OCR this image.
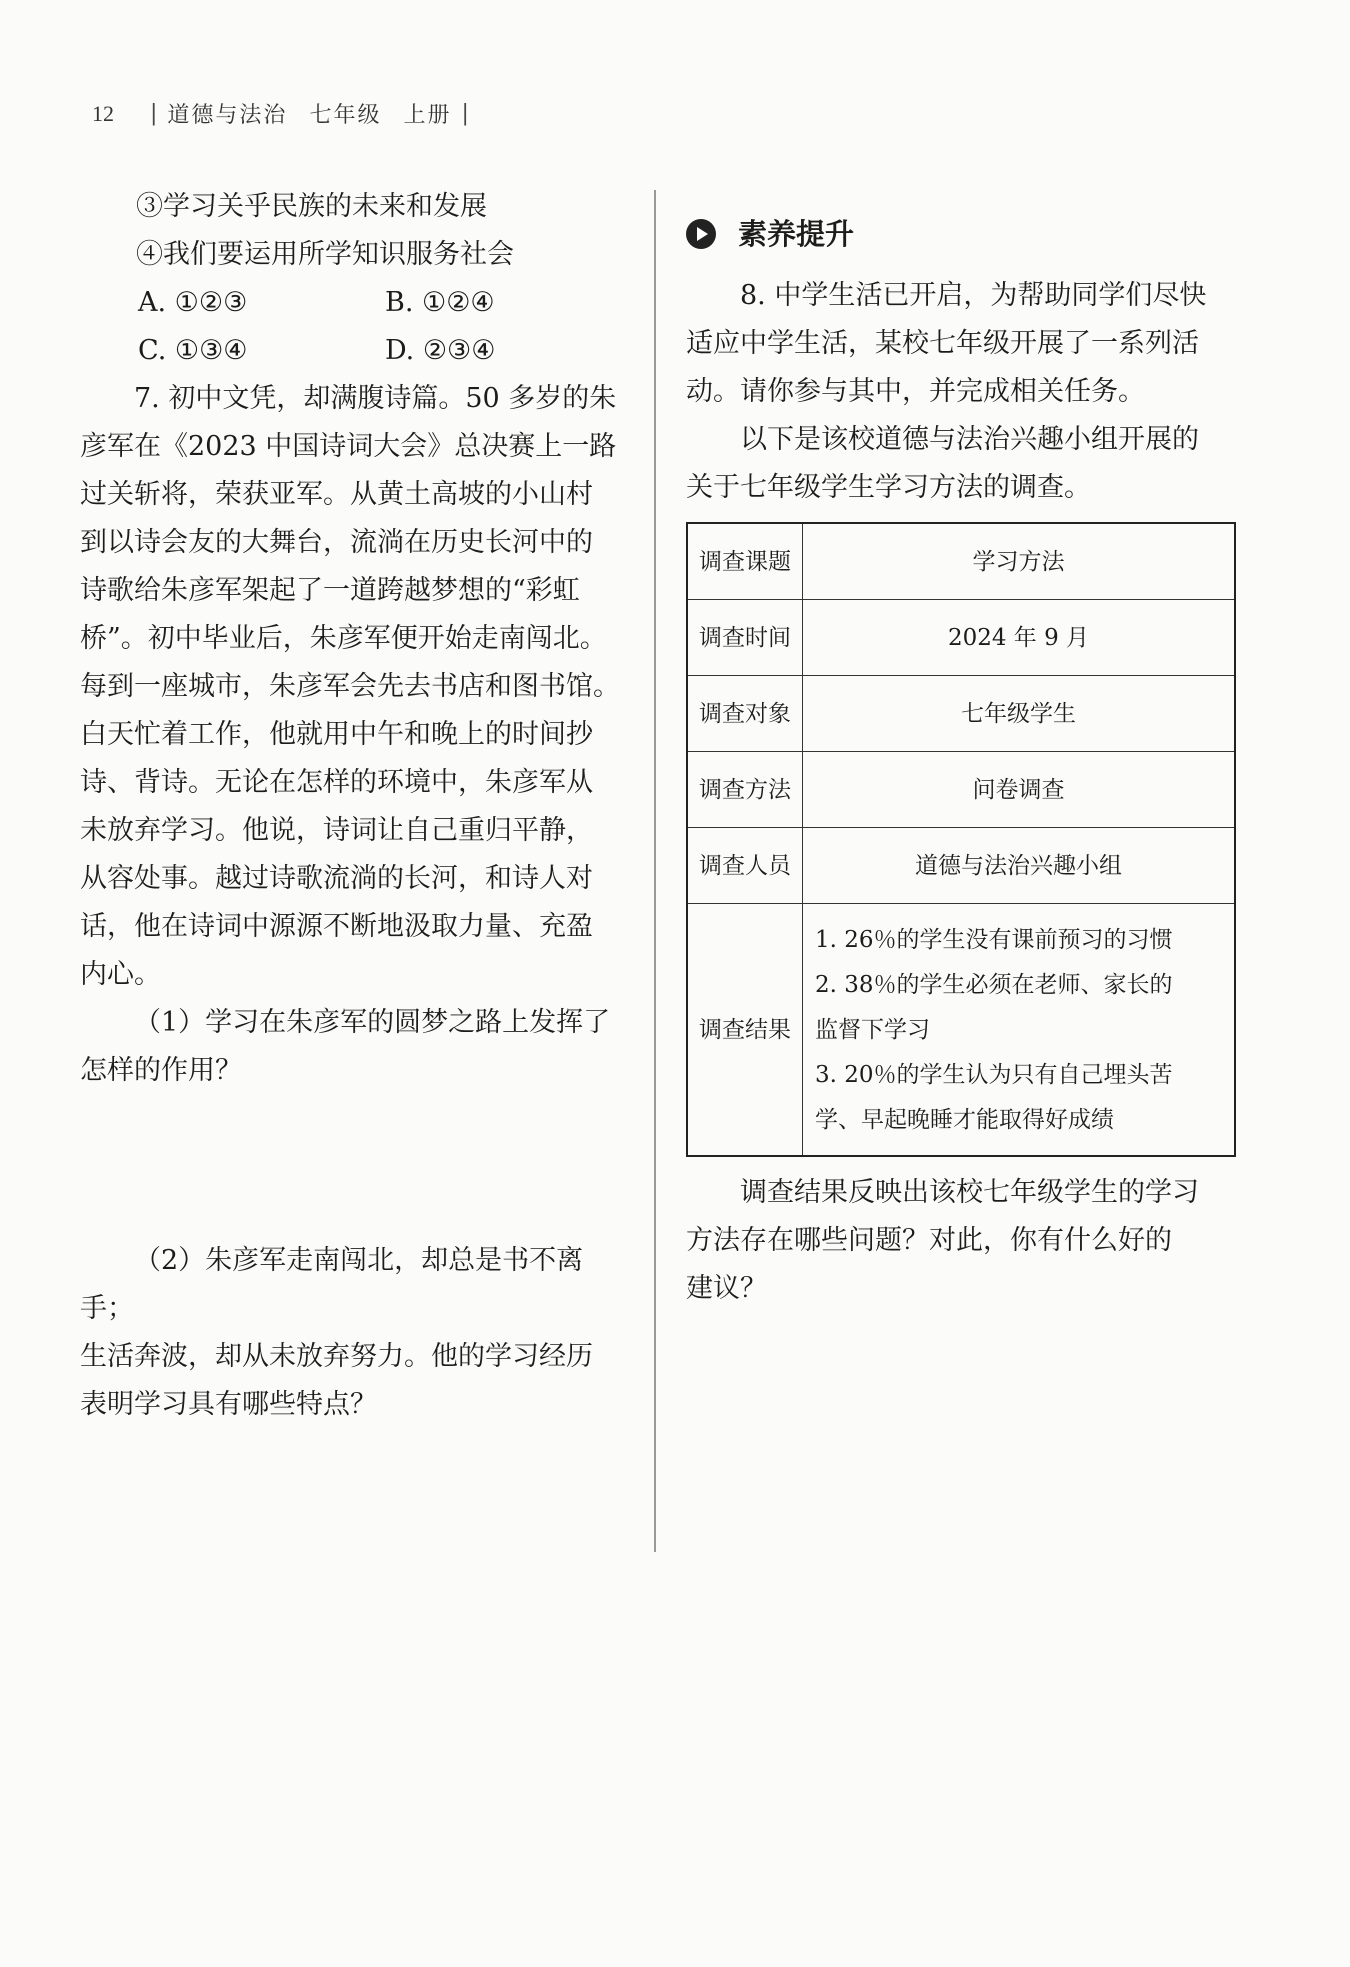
12 | 道德与法治 七年级 上册 |

③学习关乎民族的未来和发展

④我们要运用所学知识服务社会

A. ①②③	B. ①②④
C. ①③④	D. ②③④

7. 初中文凭，却满腹诗篇。50 多岁的朱

彦军在《2023 中国诗词大会》总决赛上一路

过关斩将，荣获亚军。从黄土高坡的小山村

到以诗会友的大舞台，流淌在历史长河中的

诗歌给朱彦军架起了一道跨越梦想的“彩虹

桥”。初中毕业后，朱彦军便开始走南闯北。

每到一座城市，朱彦军会先去书店和图书馆。

白天忙着工作，他就用中午和晚上的时间抄

诗、背诗。无论在怎样的环境中，朱彦军从

未放弃学习。他说，诗词让自己重归平静，

从容处事。越过诗歌流淌的长河，和诗人对

话，他在诗词中源源不断地汲取力量、充盈

内心。

（1）学习在朱彦军的圆梦之路上发挥了

怎样的作用？

（2）朱彦军走南闯北，却总是书不离手；

生活奔波，却从未放弃努力。他的学习经历

表明学习具有哪些特点？

素养提升

8. 中学生活已开启，为帮助同学们尽快

适应中学生活，某校七年级开展了一系列活

动。请你参与其中，并完成相关任务。

以下是该校道德与法治兴趣小组开展的

关于七年级学生学习方法的调查。

调查课题	学习方法
调查时间	2024 年 9 月
调查对象	七年级学生
调查方法	问卷调查
调查人员	道德与法治兴趣小组
调查结果	1. 26％的学生没有课前预习的习惯
2. 38％的学生必须在老师、家长的
监督下学习
3. 20％的学生认为只有自己埋头苦
学、早起晚睡才能取得好成绩

调查结果反映出该校七年级学生的学习

方法存在哪些问题？对此，你有什么好的

建议？
